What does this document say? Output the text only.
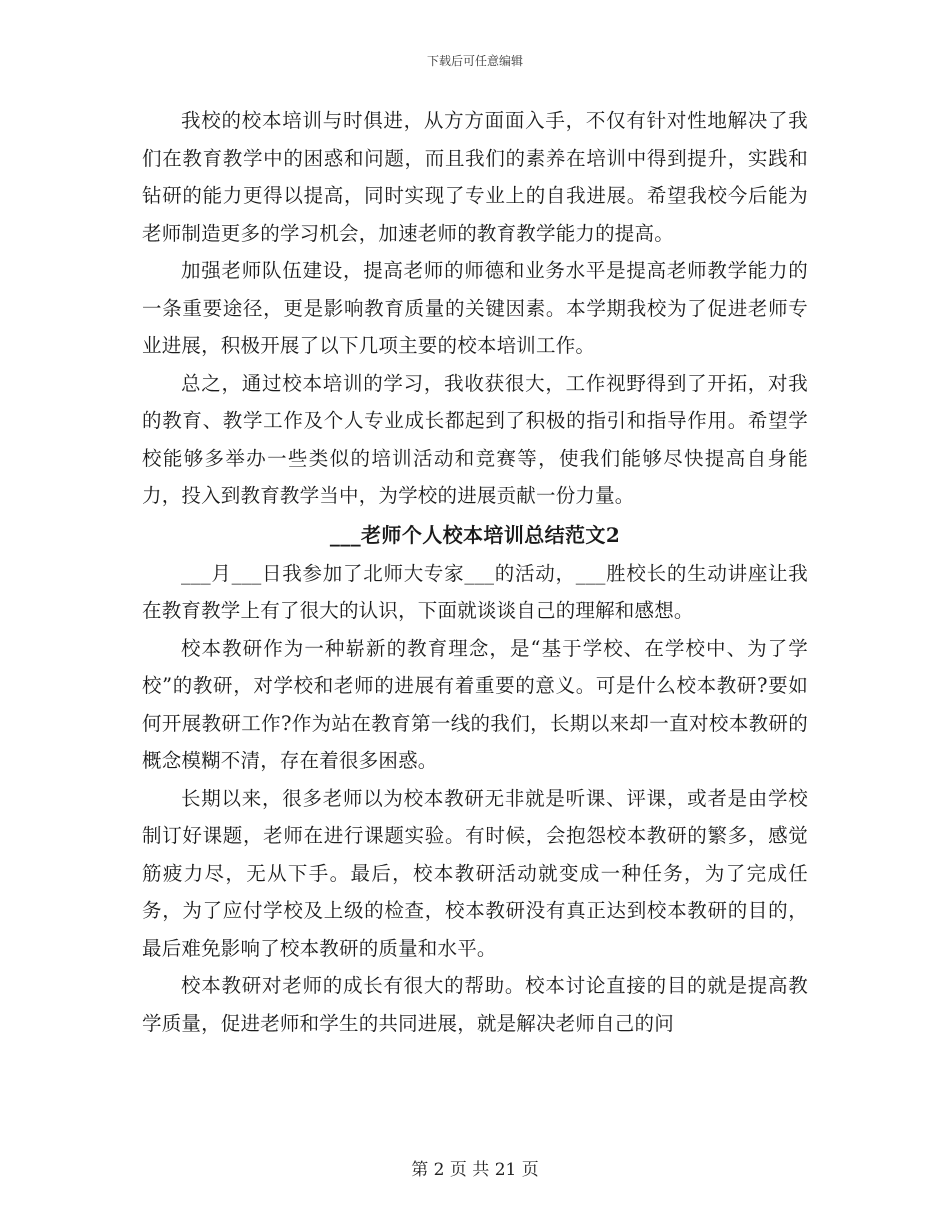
下载后可任意编辑

我校的校本培训与时俱进，从方方面面入手，不仅有针对性地解决了我们在教育教学中的困惑和问题，而且我们的素养在培训中得到提升，实践和钻研的能力更得以提高，同时实现了专业上的自我进展。希望我校今后能为老师制造更多的学习机会，加速老师的教育教学能力的提高。

加强老师队伍建设，提高老师的师德和业务水平是提高老师教学能力的一条重要途径，更是影响教育质量的关键因素。本学期我校为了促进老师专业进展，积极开展了以下几项主要的校本培训工作。

总之，通过校本培训的学习，我收获很大，工作视野得到了开拓，对我的教育、教学工作及个人专业成长都起到了积极的指引和指导作用。希望学校能够多举办一些类似的培训活动和竞赛等，使我们能够尽快提高自身能力，投入到教育教学当中，为学校的进展贡献一份力量。

___老师个人校本培训总结范文2

___月___日我参加了北师大专家___的活动，___胜校长的生动讲座让我在教育教学上有了很大的认识，下面就谈谈自己的理解和感想。

校本教研作为一种崭新的教育理念，是“基于学校、在学校中、为了学校”的教研，对学校和老师的进展有着重要的意义。可是什么校本教研?要如何开展教研工作?作为站在教育第一线的我们，长期以来却一直对校本教研的概念模糊不清，存在着很多困惑。

长期以来，很多老师以为校本教研无非就是听课、评课，或者是由学校制订好课题，老师在进行课题实验。有时候，会抱怨校本教研的繁多，感觉筋疲力尽，无从下手。最后，校本教研活动就变成一种任务，为了完成任务，为了应付学校及上级的检查，校本教研没有真正达到校本教研的目的，最后难免影响了校本教研的质量和水平。

校本教研对老师的成长有很大的帮助。校本讨论直接的目的就是提高教学质量，促进老师和学生的共同进展，就是解决老师自己的问

第 2 页 共 21 页
